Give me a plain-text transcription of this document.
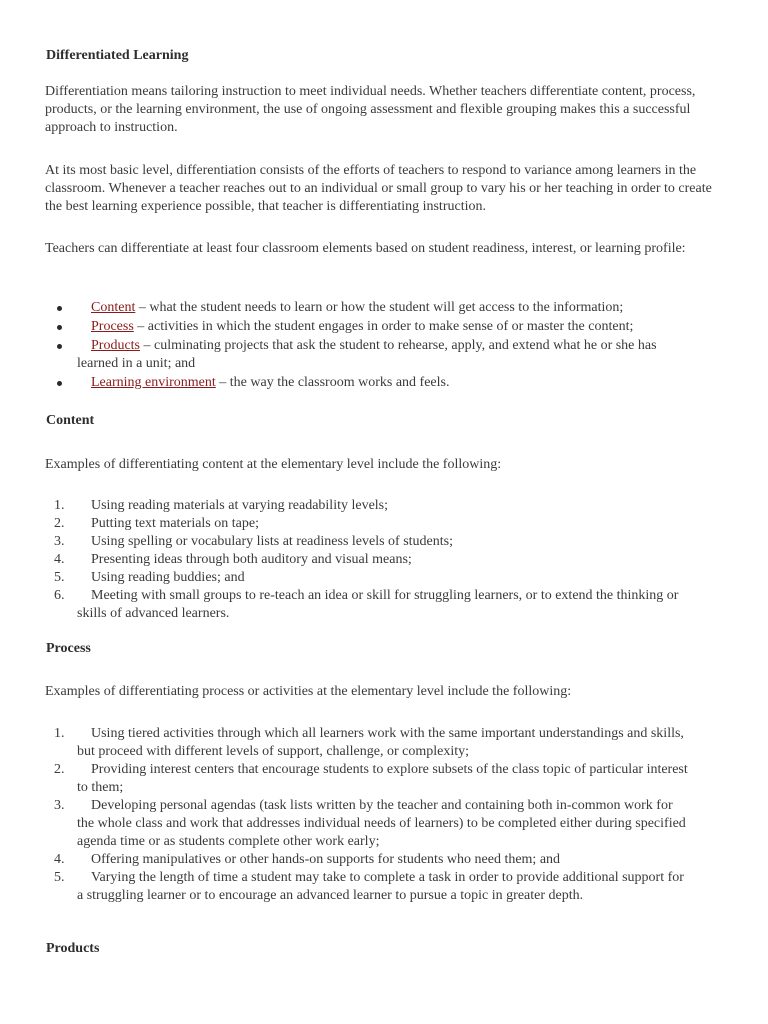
Differentiated Learning

Differentiation means tailoring instruction to meet individual needs. Whether teachers differentiate content, process, products, or the learning environment, the use of ongoing assessment and flexible grouping makes this a successful approach to instruction.

At its most basic level, differentiation consists of the efforts of teachers to respond to variance among learners in the classroom. Whenever a teacher reaches out to an individual or small group to vary his or her teaching in order to create the best learning experience possible, that teacher is differentiating instruction.

Teachers can differentiate at least four classroom elements based on student readiness, interest, or learning profile:

Content – what the student needs to learn or how the student will get access to the information;
Process – activities in which the student engages in order to make sense of or master the content;
Products – culminating projects that ask the student to rehearse, apply, and extend what he or she has learned in a unit; and
Learning environment – the way the classroom works and feels.
Content

Examples of differentiating content at the elementary level include the following:

1. Using reading materials at varying readability levels;
2. Putting text materials on tape;
3. Using spelling or vocabulary lists at readiness levels of students;
4. Presenting ideas through both auditory and visual means;
5. Using reading buddies; and
6. Meeting with small groups to re-teach an idea or skill for struggling learners, or to extend the thinking or skills of advanced learners.
Process

Examples of differentiating process or activities at the elementary level include the following:

1. Using tiered activities through which all learners work with the same important understandings and skills, but proceed with different levels of support, challenge, or complexity;
2. Providing interest centers that encourage students to explore subsets of the class topic of particular interest to them;
3. Developing personal agendas (task lists written by the teacher and containing both in-common work for the whole class and work that addresses individual needs of learners) to be completed either during specified agenda time or as students complete other work early;
4. Offering manipulatives or other hands-on supports for students who need them; and
5. Varying the length of time a student may take to complete a task in order to provide additional support for a struggling learner or to encourage an advanced learner to pursue a topic in greater depth.
Products
